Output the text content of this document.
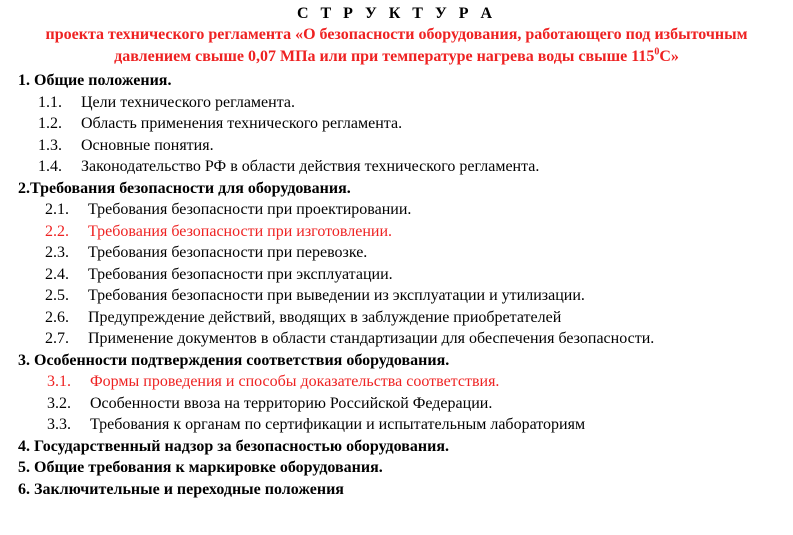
С Т Р У К Т У Р А
проекта технического регламента «О безопасности оборудования, работающего под избыточным давлением свыше 0,07 МПа или при температуре нагрева воды свыше $115^0С$»
1. Общие положения.
1.1.	Цели технического регламента.
1.2.	Область применения технического регламента.
1.3.	Основные понятия.
1.4.	Законодательство РФ в области действия технического регламента.
2.Требования безопасности для оборудования.
2.1.	Требования безопасности при проектировании.
2.2.	Требования безопасности при изготовлении.
2.3.	Требования безопасности при перевозке.
2.4.	Требования безопасности при эксплуатации.
2.5.	Требования безопасности при выведении из эксплуатации и утилизации.
2.6.	Предупреждение действий, вводящих в заблуждение приобретателей
2.7.	Применение документов в области стандартизации для обеспечения безопасности.
3. Особенности подтверждения соответствия оборудования.
3.1.	Формы проведения и способы доказательства соответствия.
3.2.	Особенности ввоза на территорию Российской Федерации.
3.3.	Требования к органам по сертификации и испытательным лабораториям
4. Государственный надзор за безопасностью оборудования.
5. Общие требования к маркировке оборудования.
6. Заключительные и переходные положения
